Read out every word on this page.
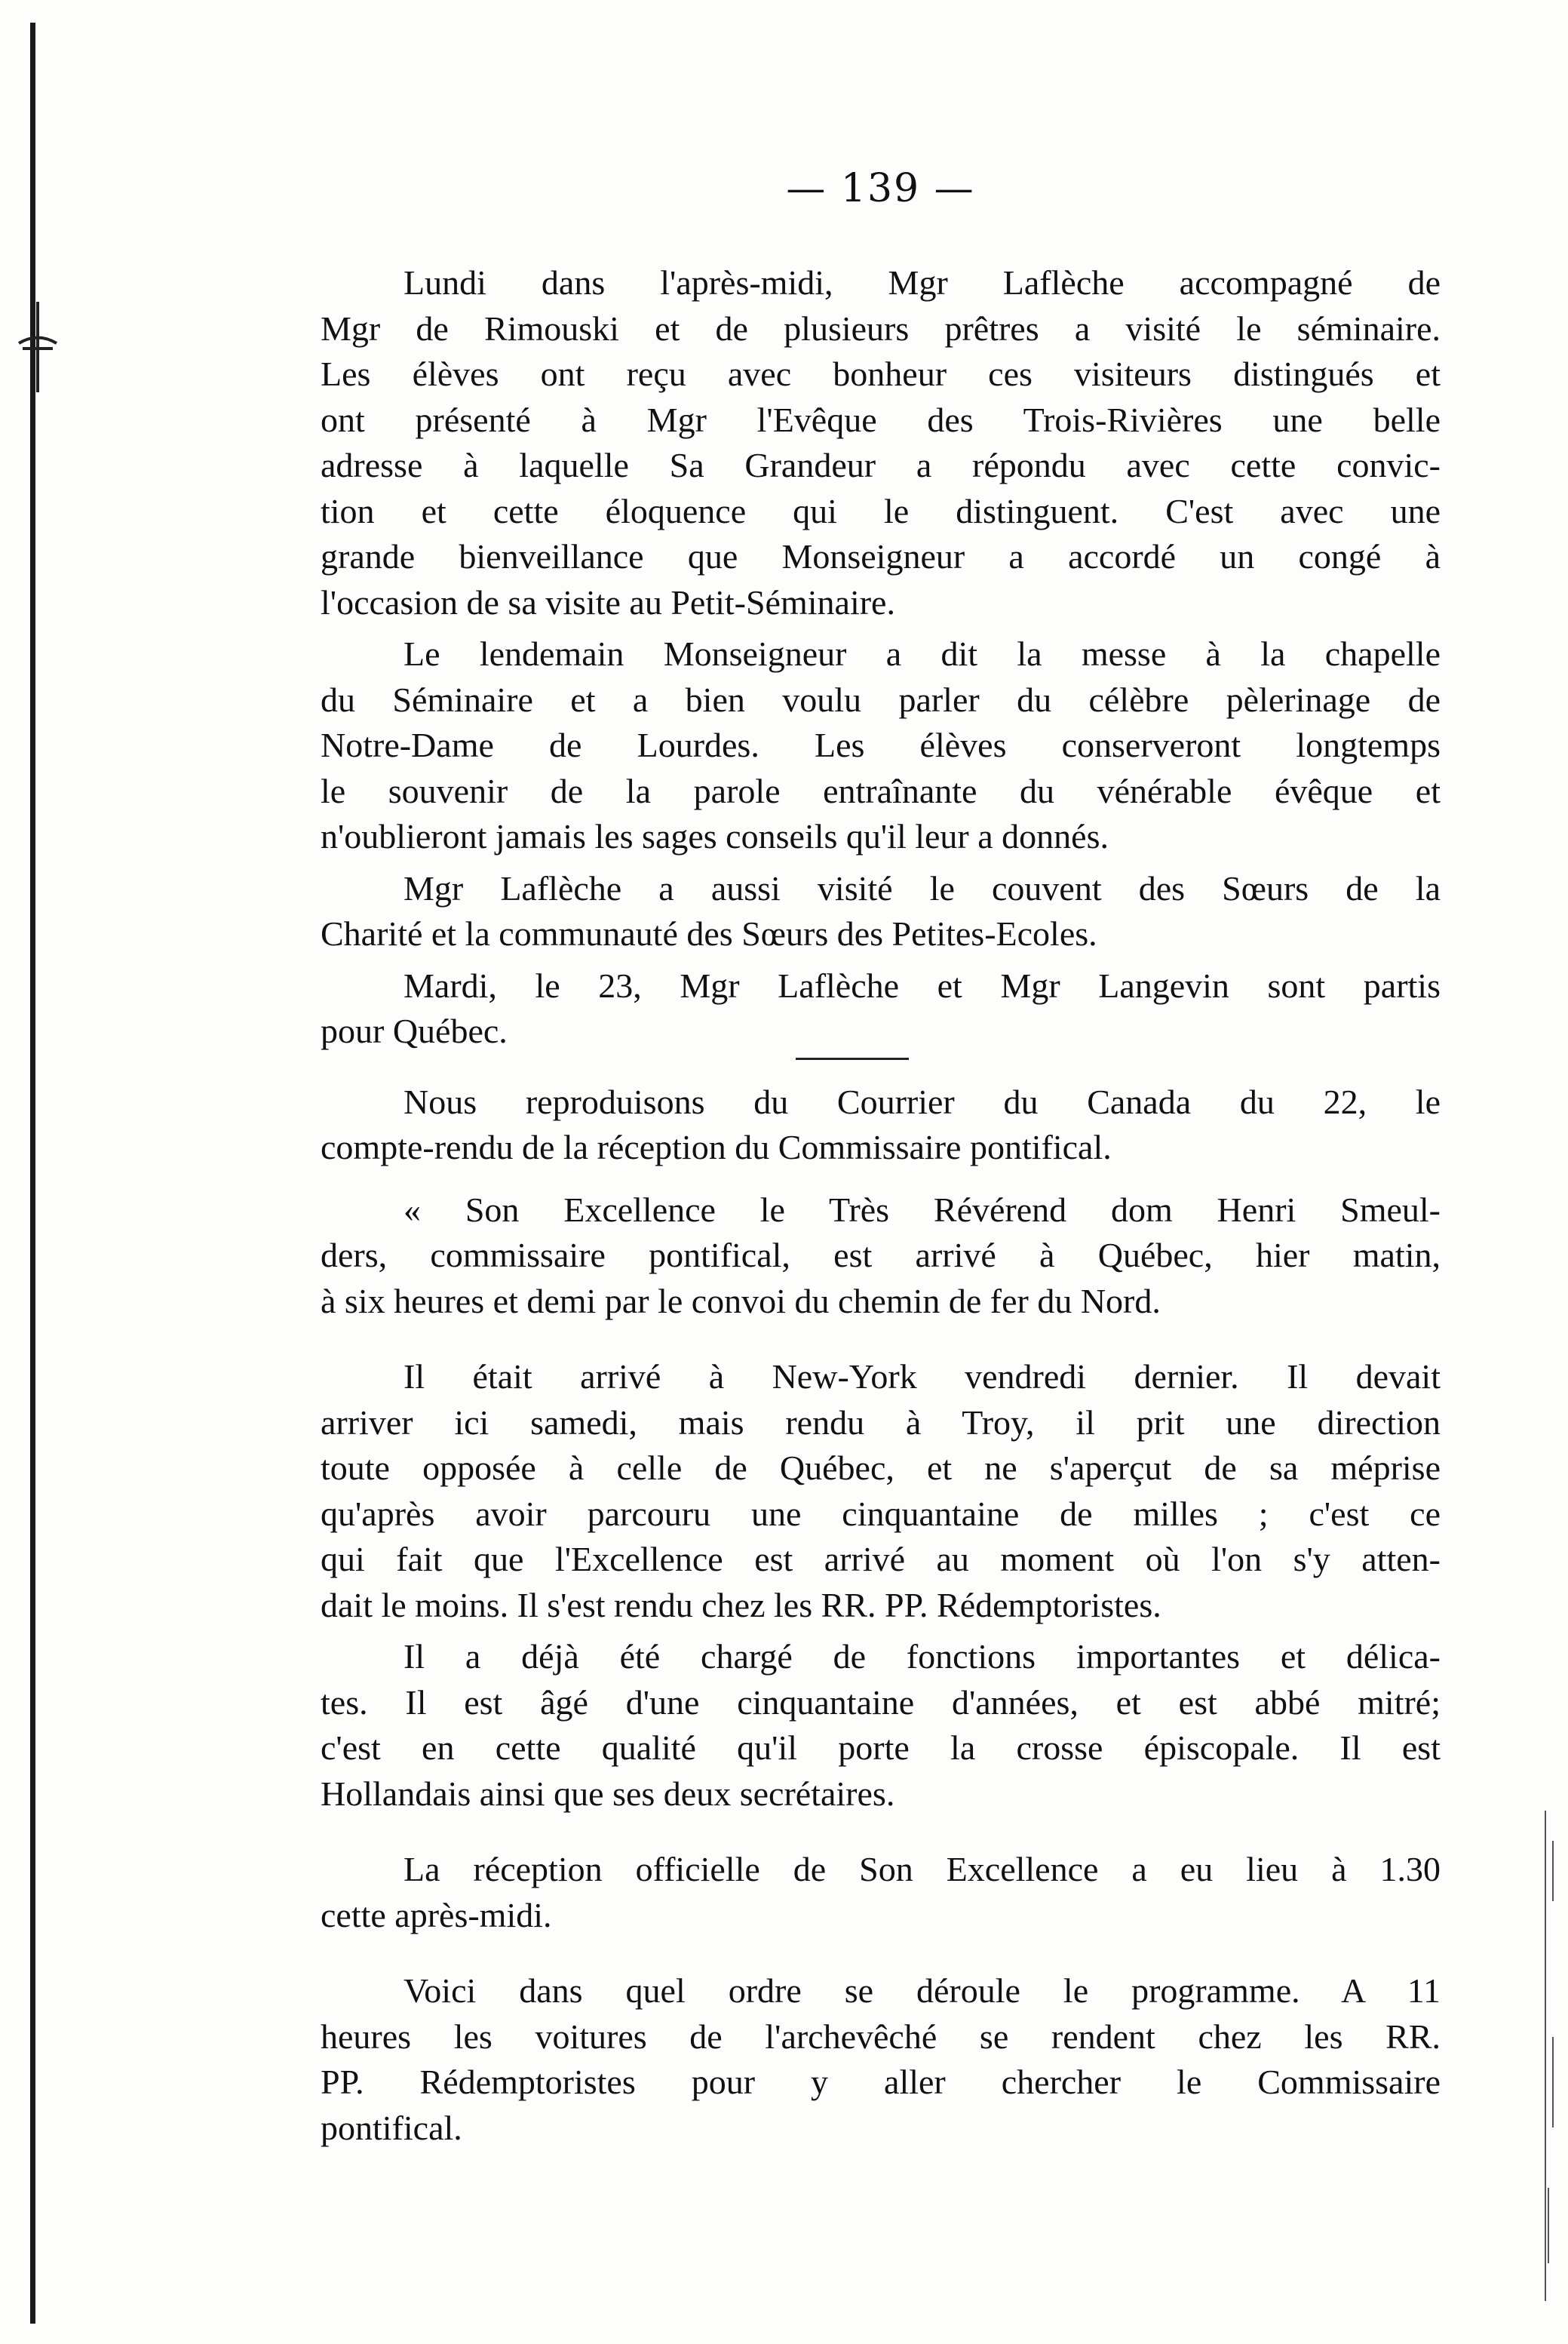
— 139 —
Lundi dans l'après-midi, Mgr Laflèche accompagné de
Mgr de Rimouski et de plusieurs prêtres a visité le séminaire.
Les élèves ont reçu avec bonheur ces visiteurs distingués et
ont présenté à Mgr l'Evêque des Trois-Rivières une belle
adresse à laquelle Sa Grandeur a répondu avec cette convic-
tion et cette éloquence qui le distinguent. C'est avec une
grande bienveillance que Monseigneur a accordé un congé à
l'occasion de sa visite au Petit-Séminaire.
Le lendemain Monseigneur a dit la messe à la chapelle
du Séminaire et a bien voulu parler du célèbre pèlerinage de
Notre-Dame de Lourdes. Les élèves conserveront longtemps
le souvenir de la parole entraînante du vénérable évêque et
n'oublieront jamais les sages conseils qu'il leur a donnés.
Mgr Laflèche a aussi visité le couvent des Sœurs de la
Charité et la communauté des Sœurs des Petites-Ecoles.
Mardi, le 23, Mgr Laflèche et Mgr Langevin sont partis
pour Québec.
Nous reproduisons du Courrier du Canada du 22, le
compte-rendu de la réception du Commissaire pontifical.
« Son Excellence le Très Révérend dom Henri Smeul-
ders, commissaire pontifical, est arrivé à Québec, hier matin,
à six heures et demi par le convoi du chemin de fer du Nord.
Il était arrivé à New-York vendredi dernier. Il devait
arriver ici samedi, mais rendu à Troy, il prit une direction
toute opposée à celle de Québec, et ne s'aperçut de sa méprise
qu'après avoir parcouru une cinquantaine de milles ; c'est ce
qui fait que l'Excellence est arrivé au moment où l'on s'y atten-
dait le moins. Il s'est rendu chez les RR. PP. Rédemptoristes.
Il a déjà été chargé de fonctions importantes et délica-
tes. Il est âgé d'une cinquantaine d'années, et est abbé mitré;
c'est en cette qualité qu'il porte la crosse épiscopale. Il est
Hollandais ainsi que ses deux secrétaires.
La réception officielle de Son Excellence a eu lieu à 1.30
cette après-midi.
Voici dans quel ordre se déroule le programme. A 11
heures les voitures de l'archevêché se rendent chez les RR.
PP. Rédemptoristes pour y aller chercher le Commissaire
pontifical.
